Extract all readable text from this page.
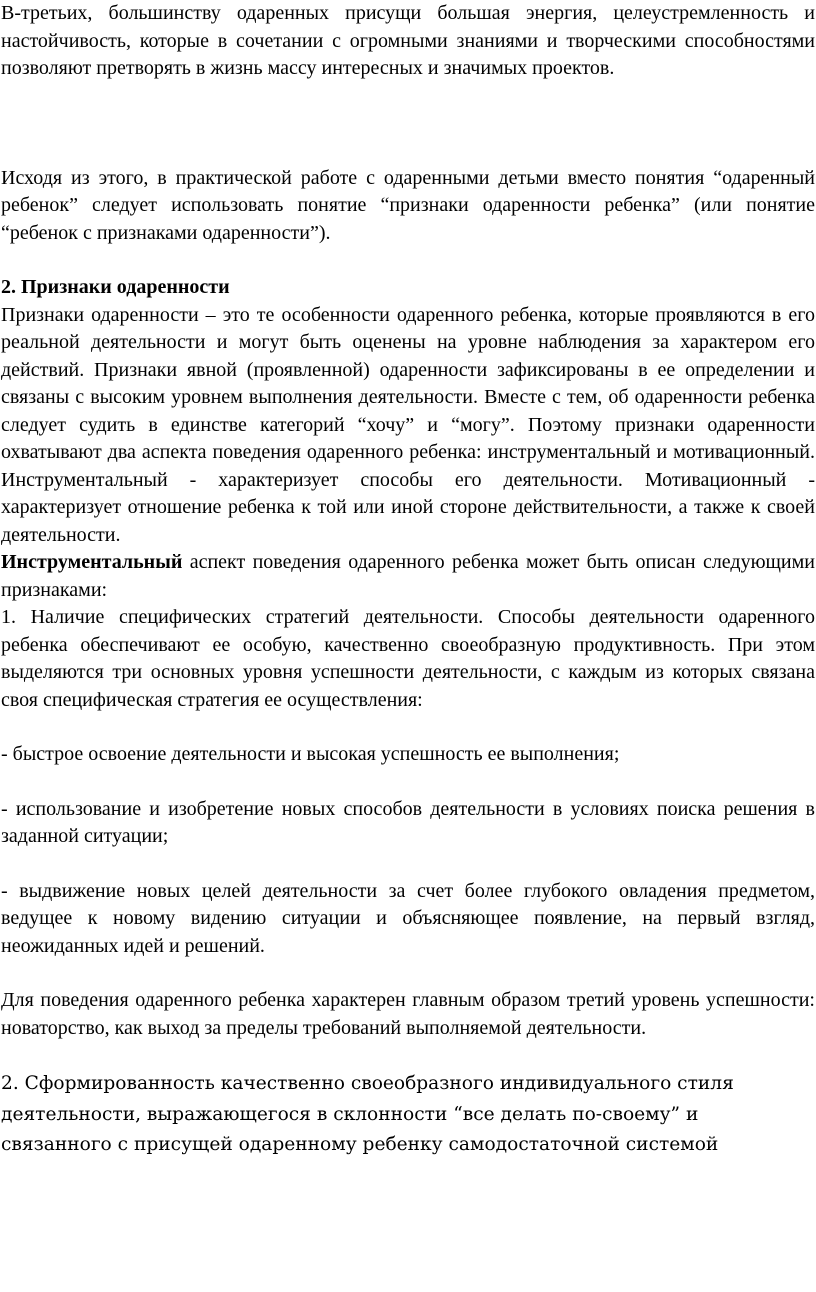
В-третьих, большинству одаренных присущи большая энергия, целеустремленность и настойчивость, которые в сочетании с огромными знаниями и творческими способностями позволяют претворять в жизнь массу интересных и значимых проектов.

Исходя из этого, в практической работе с одаренными детьми вместо понятия “одаренный ребенок” следует использовать понятие “признаки одаренности ребенка” (или понятие “ребенок с признаками одаренности”).

2. Признаки одаренности

Признаки одаренности – это те особенности одаренного ребенка, которые проявляются в его реальной деятельности и могут быть оценены на уровне наблюдения за характером его действий. Признаки явной (проявленной) одаренности зафиксированы в ее определении и связаны с высоким уровнем выполнения деятельности. Вместе с тем, об одаренности ребенка следует судить в единстве категорий “хочу” и “могу”. Поэтому признаки одаренности охватывают два аспекта поведения одаренного ребенка: инструментальный и мотивационный. Инструментальный - характеризует способы его деятельности. Мотивационный - характеризует отношение ребенка к той или иной стороне действительности, а также к своей деятельности.

Инструментальный аспект поведения одаренного ребенка может быть описан следующими признаками:

1. Наличие специфических стратегий деятельности. Способы деятельности одаренного ребенка обеспечивают ее особую, качественно своеобразную продуктивность. При этом выделяются три основных уровня успешности деятельности, с каждым из которых связана своя специфическая стратегия ее осуществления:

- быстрое освоение деятельности и высокая успешность ее выполнения;

- использование и изобретение новых способов деятельности в условиях поиска решения в заданной ситуации;

- выдвижение новых целей деятельности за счет более глубокого овладения предметом, ведущее к новому видению ситуации и объясняющее появление, на первый взгляд, неожиданных идей и решений.

Для поведения одаренного ребенка характерен главным образом третий уровень успешности: новаторство, как выход за пределы требований выполняемой деятельности.

2. Сформированность качественно своеобразного индивидуального стиля деятельности, выражающегося в склонности “все делать по-своему” и связанного с присущей одаренному ребенку самодостаточной системой
